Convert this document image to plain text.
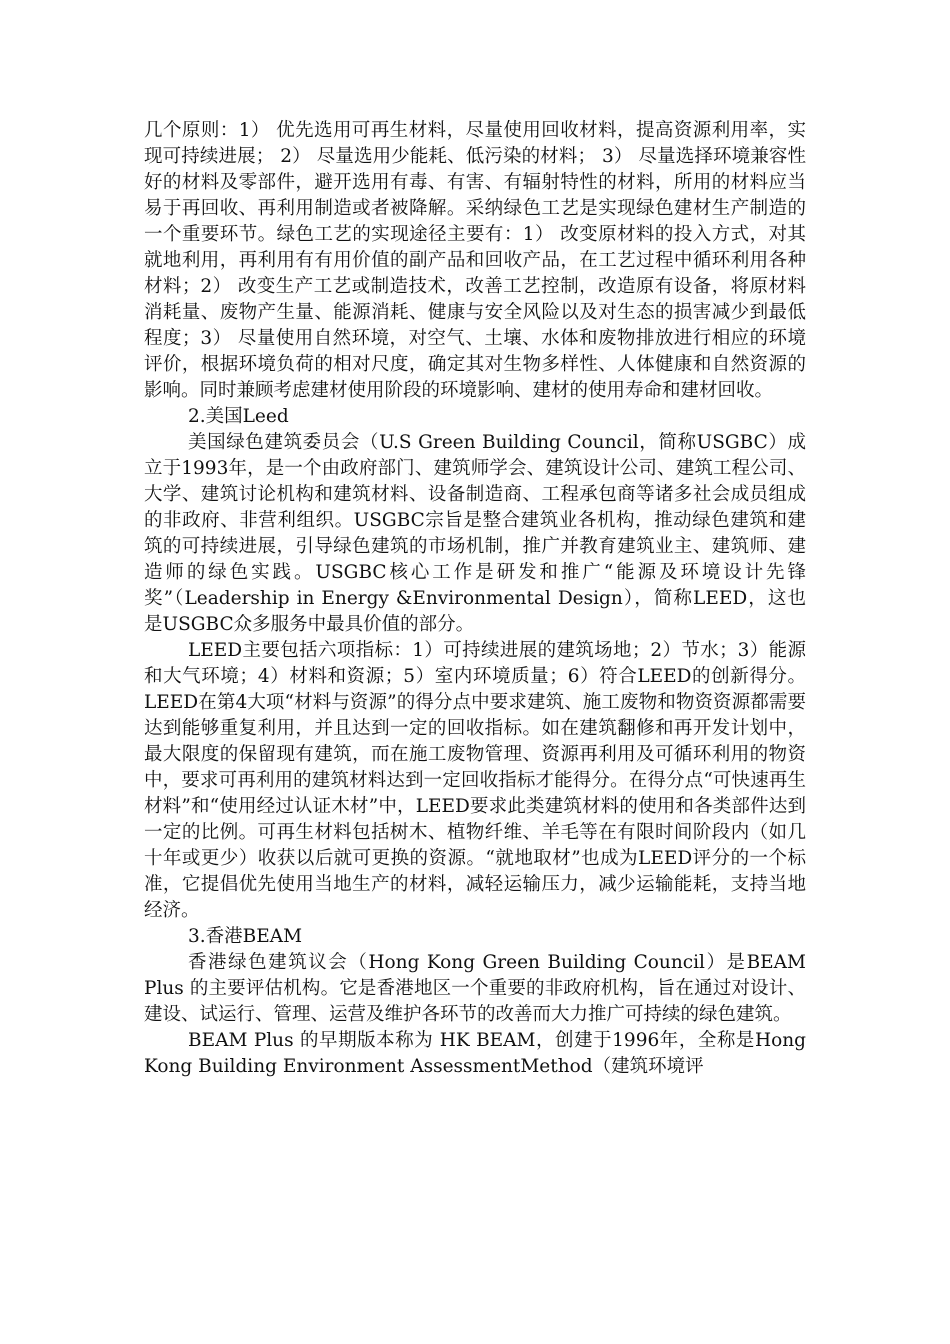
几个原则：1） 优先选用可再生材料，尽量使用回收材料，提高资源利用率，实现可持续进展； 2） 尽量选用少能耗、低污染的材料； 3） 尽量选择环境兼容性好的材料及零部件，避开选用有毒、有害、有辐射特性的材料，所用的材料应当易于再回收、再利用制造或者被降解。采纳绿色工艺是实现绿色建材生产制造的一个重要环节。绿色工艺的实现途径主要有：1） 改变原材料的投入方式，对其就地利用，再利用有有用价值的副产品和回收产品，在工艺过程中循环利用各种材料；2） 改变生产工艺或制造技术，改善工艺控制，改造原有设备，将原材料消耗量、废物产生量、能源消耗、健康与安全风险以及对生态的损害减少到最低程度；3） 尽量使用自然环境，对空气、土壤、水体和废物排放进行相应的环境评价，根据环境负荷的相对尺度，确定其对生物多样性、人体健康和自然资源的影响。同时兼顾考虑建材使用阶段的环境影响、建材的使用寿命和建材回收。

2.美国Leed

美国绿色建筑委员会（U.S Green Building Council，简称USGBC）成立于1993年，是一个由政府部门、建筑师学会、建筑设计公司、建筑工程公司、大学、建筑讨论机构和建筑材料、设备制造商、工程承包商等诸多社会成员组成的非政府、非营利组织。USGBC宗旨是整合建筑业各机构，推动绿色建筑和建筑的可持续进展，引导绿色建筑的市场机制，推广并教育建筑业主、建筑师、建造师的绿色实践。USGBC核心工作是研发和推广“能源及环境设计先锋奖”（Leadership in Energy &Environmental Design），简称LEED，这也是USGBC众多服务中最具价值的部分。

LEED主要包括六项指标：1）可持续进展的建筑场地；2）节水；3）能源和大气环境；4）材料和资源；5）室内环境质量；6）符合LEED的创新得分。LEED在第4大项“材料与资源”的得分点中要求建筑、施工废物和物资资源都需要达到能够重复利用，并且达到一定的回收指标。如在建筑翻修和再开发计划中，最大限度的保留现有建筑，而在施工废物管理、资源再利用及可循环利用的物资中，要求可再利用的建筑材料达到一定回收指标才能得分。在得分点“可快速再生材料”和“使用经过认证木材”中，LEED要求此类建筑材料的使用和各类部件达到一定的比例。可再生材料包括树木、植物纤维、羊毛等在有限时间阶段内（如几十年或更少）收获以后就可更换的资源。“就地取材”也成为LEED评分的一个标准，它提倡优先使用当地生产的材料，减轻运输压力，减少运输能耗，支持当地经济。

3.香港BEAM

香港绿色建筑议会（Hong Kong Green Building Council）是BEAM Plus 的主要评估机构。它是香港地区一个重要的非政府机构，旨在通过对设计、建设、试运行、管理、运营及维护各环节的改善而大力推广可持续的绿色建筑。

BEAM Plus 的早期版本称为 HK BEAM，创建于1996年，全称是Hong Kong Building Environment AssessmentMethod（建筑环境评
